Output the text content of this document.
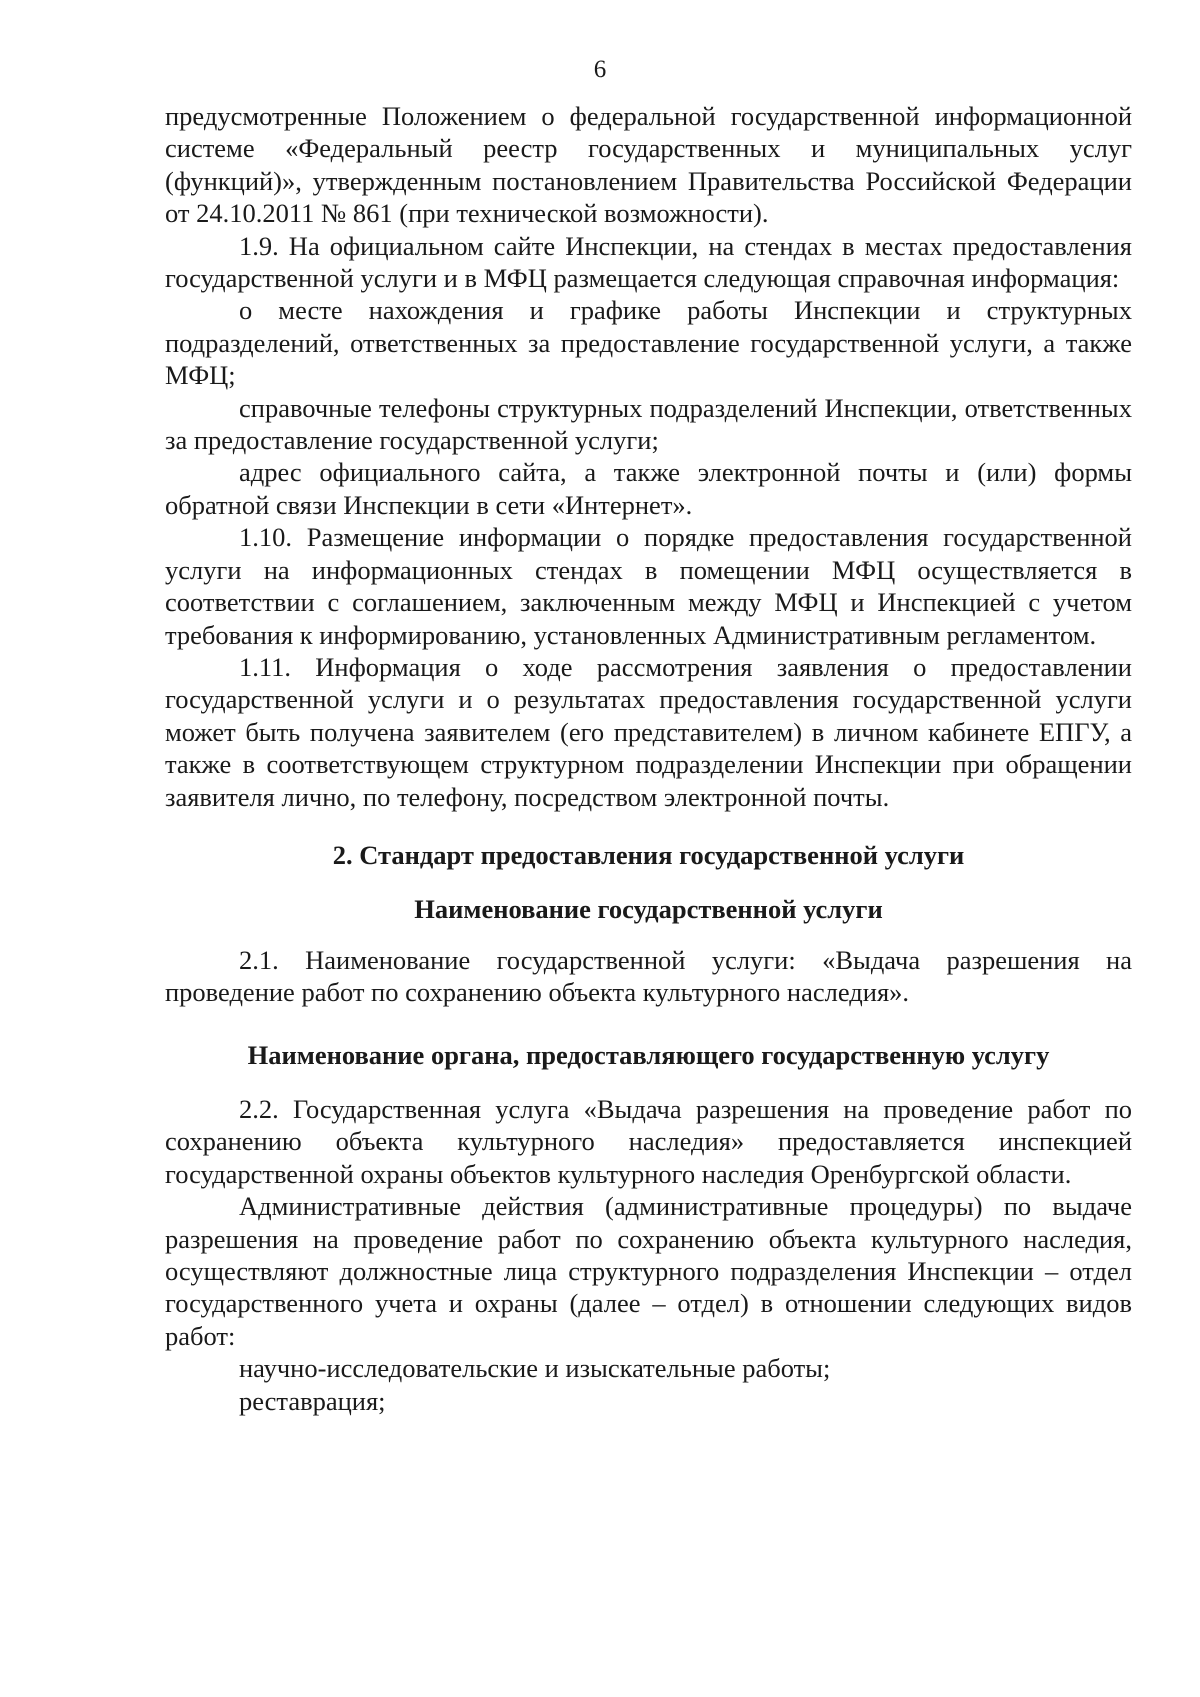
6

предусмотренные Положением о федеральной государственной информационной системе «Федеральный реестр государственных и муниципальных услуг (функций)», утвержденным постановлением Правительства Российской Федерации от 24.10.2011 № 861 (при технической возможности).

1.9. На официальном сайте Инспекции, на стендах в местах предоставления государственной услуги и в МФЦ размещается следующая справочная информация:

о месте нахождения и графике работы Инспекции и структурных подразделений, ответственных за предоставление государственной услуги, а также МФЦ;

справочные телефоны структурных подразделений Инспекции, ответственных за предоставление государственной услуги;

адрес официального сайта, а также электронной почты и (или) формы обратной связи Инспекции в сети «Интернет».

1.10. Размещение информации о порядке предоставления государственной услуги на информационных стендах в помещении МФЦ осуществляется в соответствии с соглашением, заключенным между МФЦ и Инспекцией с учетом требования к информированию, установленных Административным регламентом.

1.11. Информация о ходе рассмотрения заявления о предоставлении государственной услуги и о результатах предоставления государственной услуги может быть получена заявителем (его представителем) в личном кабинете ЕПГУ, а также в соответствующем структурном подразделении Инспекции при обращении заявителя лично, по телефону, посредством электронной почты.

2. Стандарт предоставления государственной услуги

Наименование государственной услуги

2.1. Наименование государственной услуги: «Выдача разрешения на проведение работ по сохранению объекта культурного наследия».

Наименование органа, предоставляющего государственную услугу

2.2. Государственная услуга «Выдача разрешения на проведение работ по сохранению объекта культурного наследия» предоставляется инспекцией государственной охраны объектов культурного наследия Оренбургской области.

Административные действия (административные процедуры) по выдаче разрешения на проведение работ по сохранению объекта культурного наследия, осуществляют должностные лица структурного подразделения Инспекции – отдел государственного учета и охраны (далее – отдел) в отношении следующих видов работ:

научно-исследовательские и изыскательные работы;

реставрация;
